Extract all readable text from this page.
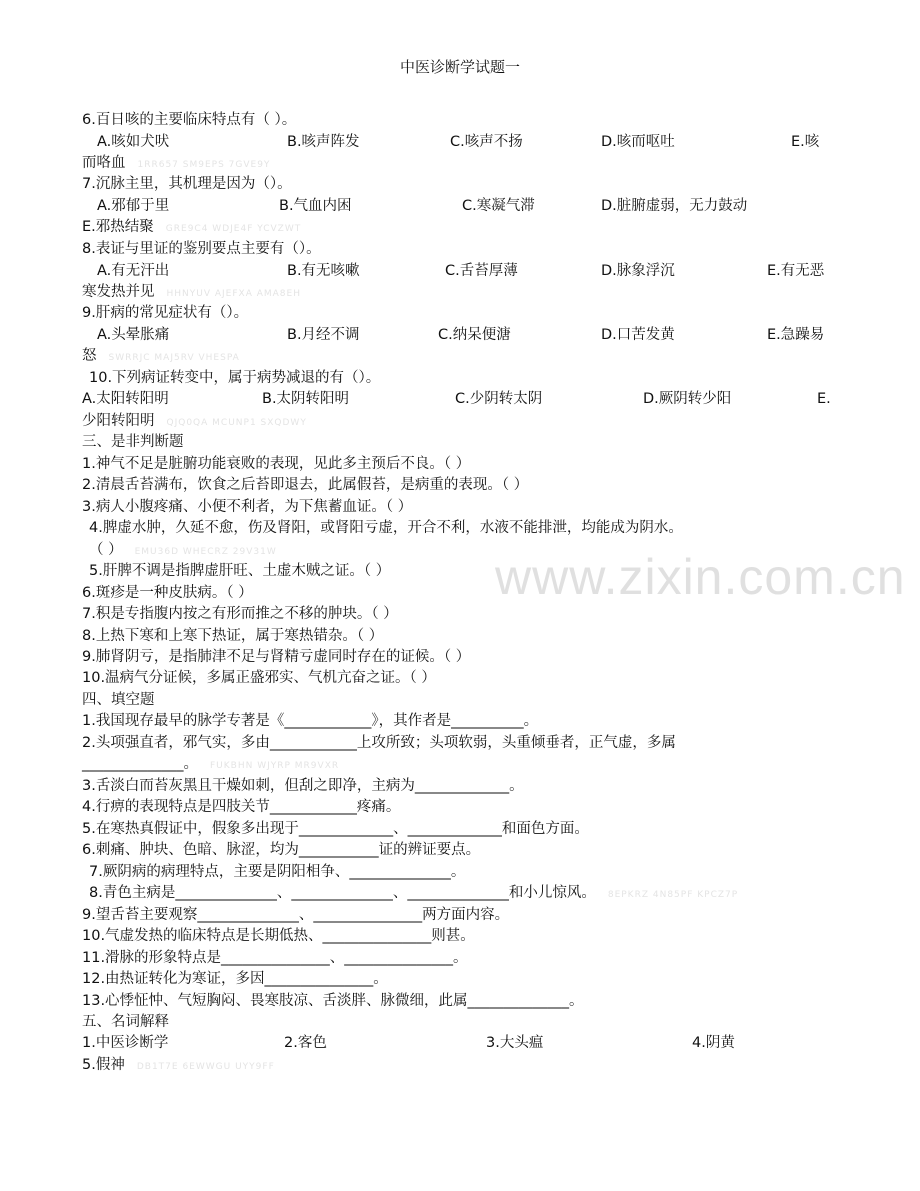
中医诊断学试题一
6.百日咳的主要临床特点有（ ）。
A.咳如犬吠	B.咳声阵发	C.咳声不扬	D.咳而呕吐	E.咳
而咯血 1RR657 SM9EPS 7GVE9Y
7.沉脉主里，其机理是因为（）。
A.邪郁于里	B.气血内困	C.寒凝气滞	D.脏腑虚弱，无力鼓动
E.邪热结聚 GRE9C4 WDJE4F YCVZWT
8.表证与里证的鉴别要点主要有（）。
A.有无汗出	B.有无咳嗽	C.舌苔厚薄	D.脉象浮沉	E.有无恶
寒发热并见 HHNYUV AJEFXA AMA8EH
9.肝病的常见症状有（）。
A.头晕胀痛	B.月经不调	C.纳呆便溏	D.口苦发黄	E.急躁易
怒 SWRRJC MAJ5RV VHESPA
10.下列病证转变中，属于病势减退的有（）。
A.太阳转阳明	B.太阴转阳明	C.少阴转太阴	D.厥阴转少阳	E.
少阳转阳明 QJQ0QA MCUNP1 SXQDWY
三、是非判断题
1.神气不足是脏腑功能衰败的表现，见此多主预后不良。（ ）
2.清晨舌苔满布，饮食之后苔即退去，此属假苔，是病重的表现。（ ）
3.病人小腹疼痛、小便不利者，为下焦蓄血证。（ ）
4.脾虚水肿，久延不愈，伤及肾阳，或肾阳亏虚，开合不利，水液不能排泄，均能成为阴水。
（ ） EMU36D WHECRZ 29V31W
5.肝脾不调是指脾虚肝旺、土虚木贼之证。（ ）
6.斑疹是一种皮肤病。（ ）
7.积是专指腹内按之有形而推之不移的肿块。（ ）
8.上热下寒和上寒下热证，属于寒热错杂。（ ）
9.肺肾阴亏，是指肺津不足与肾精亏虚同时存在的证候。（ ）
10.温病气分证候，多属正盛邪实、气机亢奋之证。（ ）
四、填空题
1.我国现存最早的脉学专著是《____________》，其作者是__________。
2.头项强直者，邪气实，多由____________上攻所致；头项软弱，头重倾垂者，正气虚，多属
______________。 FUKBHN WJYRP MR9VXR
3.舌淡白而苔灰黑且干燥如刺，但刮之即净，主病为_____________。
4.行痹的表现特点是四肢关节____________疼痛。
5.在寒热真假证中，假象多出现于_____________、_____________和面色方面。
6.刺痛、肿块、色暗、脉涩，均为___________证的辨证要点。
7.厥阴病的病理特点，主要是阴阳相争、______________。
8.青色主病是______________、______________、______________和小儿惊风。 8EPKRZ 4N85PF KPCZ7P
9.望舌苔主要观察______________、_______________两方面内容。
10.气虚发热的临床特点是长期低热、_______________则甚。
11.滑脉的形象特点是_______________、_______________。
12.由热证转化为寒证，多因_______________。
13.心悸怔忡、气短胸闷、畏寒肢凉、舌淡胖、脉微细，此属______________。
五、名词解释
1.中医诊断学	2.客色	3.大头瘟	4.阴黄
5.假神 DB1T7E 6EWWGU UYY9FF
www.zixin.com.cn
